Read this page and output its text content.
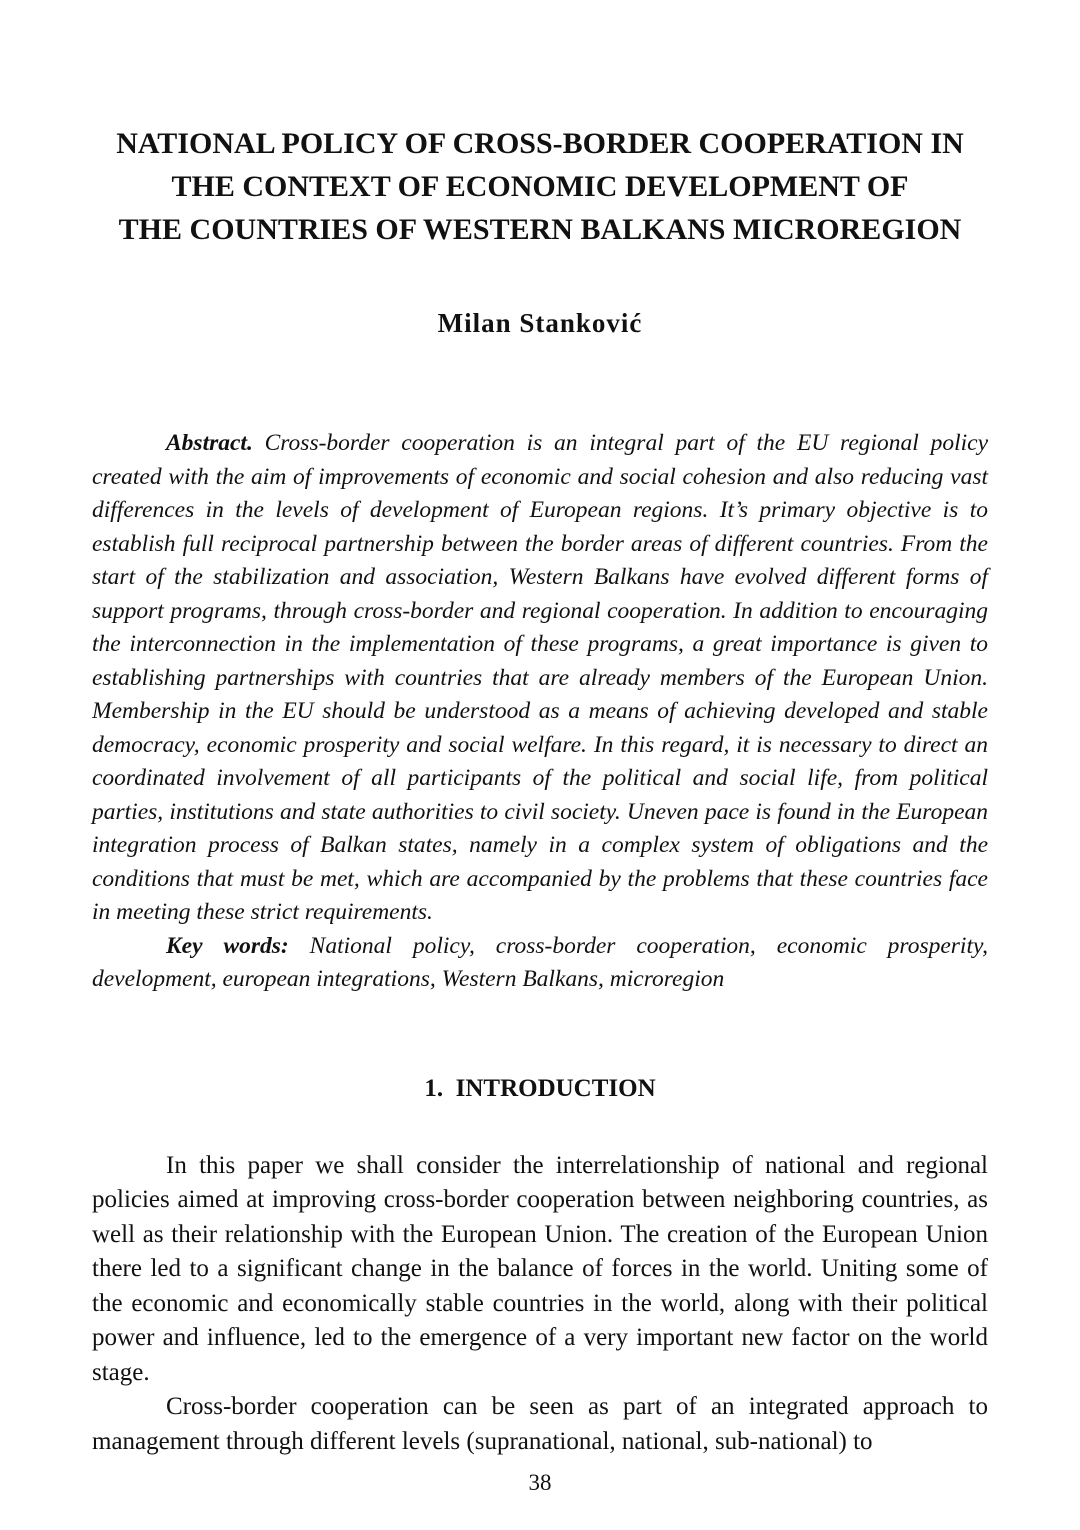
NATIONAL POLICY OF CROSS-BORDER COOPERATION IN
THE CONTEXT OF ECONOMIC DEVELOPMENT OF
THE COUNTRIES OF WESTERN BALKANS MICROREGION
Milan Stanković

Abstract. Cross-border cooperation is an integral part of the EU regional policy created with the aim of improvements of economic and social cohesion and also reducing vast differences in the levels of development of European regions. It’s primary objective is to establish full reciprocal partnership between the border areas of different countries. From the start of the stabilization and association, Western Balkans have evolved different forms of support programs, through cross-border and regional cooperation. In addition to encouraging the interconnection in the implementation of these programs, a great importance is given to establishing partnerships with countries that are already members of the European Union. Membership in the EU should be understood as a means of achieving developed and stable democracy, economic prosperity and social welfare. In this regard, it is necessary to direct an coordinated involvement of all participants of the political and social life, from political parties, institutions and state authorities to civil society. Uneven pace is found in the European integration process of Balkan states, namely in a complex system of obligations and the conditions that must be met, which are accompanied by the problems that these countries face in meeting these strict requirements.

Key words: National policy, cross-border cooperation, economic prosperity, development, european integrations, Western Balkans, microregion

1.  INTRODUCTION

In this paper we shall consider the interrelationship of national and regional policies aimed at improving cross-border cooperation between neighboring countries, as well as their relationship with the European Union. The creation of the European Union there led to a significant change in the balance of forces in the world. Uniting some of the economic and economically stable countries in the world, along with their political power and influence, led to the emergence of a very important new factor on the world stage.

Cross-border cooperation can be seen as part of an integrated approach to management through different levels (supranational, national, sub-national) to

38
